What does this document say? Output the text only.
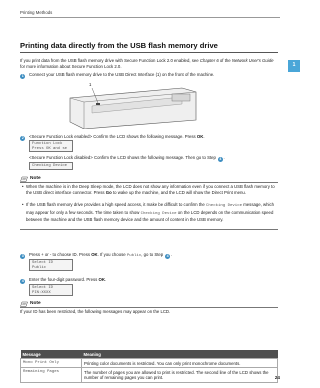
Printing Methods
1
Printing data directly from the USB flash memory drive
If you print data from the USB flash memory drive with Secure Function Lock 2.0 enabled, see Chapter 6 of the Network User's Guide for more information about Secure Function Lock 2.0.
1 Connect your USB flash memory drive to the USB Direct Interface (1) on the front of the machine.
1
2 <Secure Function Lock enabled> Confirm the LCD shows the following message. Press OK.
Function Lock
Press OK and se
<Secure Function Lock disabled> Confirm the LCD shows the following message. Then go to Step 4 .
Checking Device
Note
• When the machine is in the Deep Sleep mode, the LCD does not show any information even if you connect a USB flash memory to the USB direct interface connector. Press Go to wake up the machine, and the LCD will show the Direct Print menu.
• If the USB flash memory drive provides a high speed access, it make be difficult to confirm the Checking Device message, which may appear for only a few seconds. The time taken to show Checking Device on the LCD depends on the communication speed between the machine and the USB flash memory device and the amount of content in the USB memory.
3 Press + or - to choose ID. Press OK. If you choose Public, go to Step 4 .
Select ID
Public
4 Enter the four-digit password. Press OK.
Select ID
PIN:XXXX
Note
If your ID has been restricted, the following messages may appear on the LCD.
Message	Meaning
Mono Print Only	Printing color documents is restricted. You can only print monochrome documents.
Remaining Pages	The number of pages you are allowed to print is restricted. The second line of the LCD shows the number of remaining pages you can print.	24
